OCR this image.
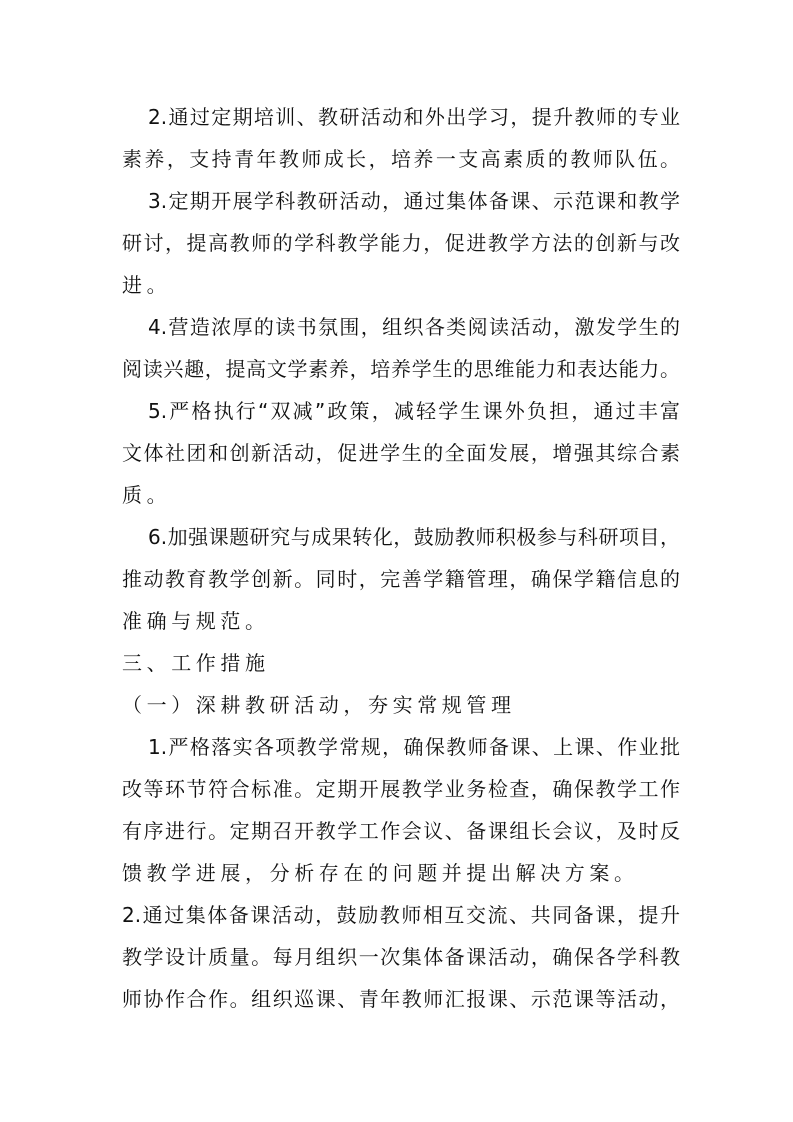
2.通过定期培训、教研活动和外出学习，提升教师的专业
素养，支持青年教师成长，培养一支高素质的教师队伍。
3.定期开展学科教研活动，通过集体备课、示范课和教学
研讨，提高教师的学科教学能力，促进教学方法的创新与改
进。
4.营造浓厚的读书氛围，组织各类阅读活动，激发学生的
阅读兴趣，提高文学素养，培养学生的思维能力和表达能力。
5.严格执行“双减”政策，减轻学生课外负担，通过丰富
文体社团和创新活动，促进学生的全面发展，增强其综合素
质。
6.加强课题研究与成果转化，鼓励教师积极参与科研项目，
推动教育教学创新。同时，完善学籍管理，确保学籍信息的
准确与规范。
三、工作措施
（一）深耕教研活动，夯实常规管理
1.严格落实各项教学常规，确保教师备课、上课、作业批
改等环节符合标准。定期开展教学业务检查，确保教学工作
有序进行。定期召开教学工作会议、备课组长会议，及时反
馈教学进展，分析存在的问题并提出解决方案。
2.通过集体备课活动，鼓励教师相互交流、共同备课，提升
教学设计质量。每月组织一次集体备课活动，确保各学科教
师协作合作。组织巡课、青年教师汇报课、示范课等活动，
